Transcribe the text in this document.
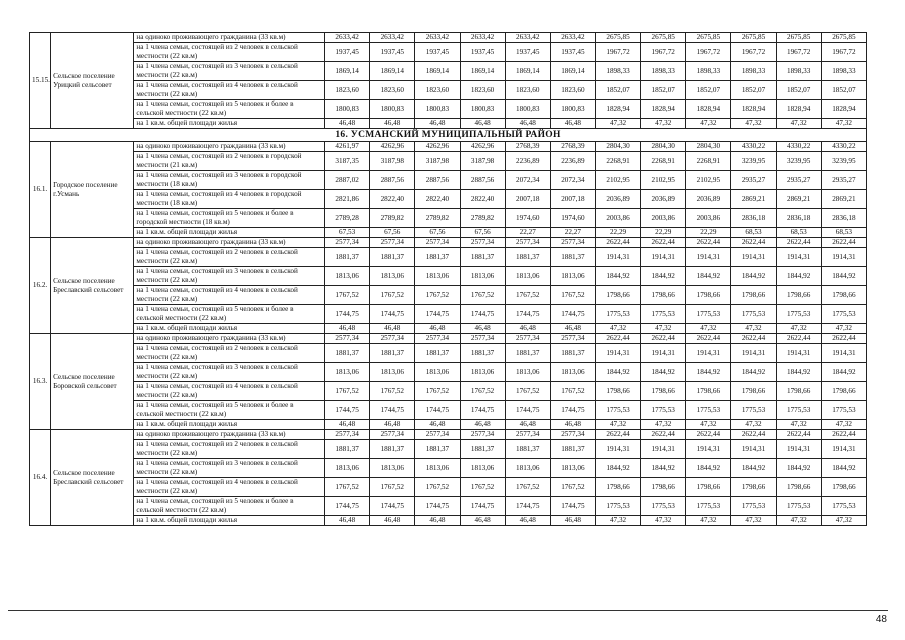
15.15.	Сельское поселение Урицкий сельсовет	на одиноко проживающего гражданина (33 кв.м)	2633,42	2633,42	2633,42	2633,42	2633,42	2633,42	2675,85	2675,85	2675,85	2675,85	2675,85	2675,85
		на 1 члена семьи, состоящей из 2 человек в сельской местности (22 кв.м)	1937,45	1937,45	1937,45	1937,45	1937,45	1937,45	1967,72	1967,72	1967,72	1967,72	1967,72	1967,72
		на 1 члена семьи, состоящей из 3 человек в сельской местности (22 кв.м)	1869,14	1869,14	1869,14	1869,14	1869,14	1869,14	1898,33	1898,33	1898,33	1898,33	1898,33	1898,33
		на 1 члена семьи, состоящей из 4 человек в сельской местности (22 кв.м)	1823,60	1823,60	1823,60	1823,60	1823,60	1823,60	1852,07	1852,07	1852,07	1852,07	1852,07	1852,07
		на 1 члена семьи, состоящей из 5 человек и более в сельской местности (22 кв.м)	1800,83	1800,83	1800,83	1800,83	1800,83	1800,83	1828,94	1828,94	1828,94	1828,94	1828,94	1828,94
		на 1 кв.м. общей площади жилья	46,48	46,48	46,48	46,48	46,48	46,48	47,32	47,32	47,32	47,32	47,32	47,32
16. УСМАНСКИЙ МУНИЦИПАЛЬНЫЙ РАЙОН														
16.1.	Городское поселение г.Усмань	на одиноко проживающего гражданина (33 кв.м)	4261,97	4262,96	4262,96	4262,96	2768,39	2768,39	2804,30	2804,30	2804,30	4330,22	4330,22	4330,22
		на 1 члена семьи, состоящей из 2 человек в городской местности (21 кв.м)	3187,35	3187,98	3187,98	3187,98	2236,89	2236,89	2268,91	2268,91	2268,91	3239,95	3239,95	3239,95
		на 1 члена семьи, состоящей из 3 человек в городской местности (18 кв.м)	2887,02	2887,56	2887,56	2887,56	2072,34	2072,34	2102,95	2102,95	2102,95	2935,27	2935,27	2935,27
		на 1 члена семьи, состоящей из 4 человек в городской местности (18 кв.м)	2821,86	2822,40	2822,40	2822,40	2007,18	2007,18	2036,89	2036,89	2036,89	2869,21	2869,21	2869,21
		на 1 члена семьи, состоящей из 5 человек и более в городской местности (18 кв.м)	2789,28	2789,82	2789,82	2789,82	1974,60	1974,60	2003,86	2003,86	2003,86	2836,18	2836,18	2836,18
		на 1 кв.м. общей площади жилья	67,53	67,56	67,56	67,56	22,27	22,27	22,29	22,29	22,29	68,53	68,53	68,53
16.2.	Сельское поселение Бреславский сельсовет	на одиноко проживающего гражданина (33 кв.м)	2577,34	2577,34	2577,34	2577,34	2577,34	2577,34	2622,44	2622,44	2622,44	2622,44	2622,44	2622,44
		на 1 члена семьи, состоящей из 2 человек в сельской местности (22 кв.м)	1881,37	1881,37	1881,37	1881,37	1881,37	1881,37	1914,31	1914,31	1914,31	1914,31	1914,31	1914,31
		на 1 члена семьи, состоящей из 3 человек в сельской местности (22 кв.м)	1813,06	1813,06	1813,06	1813,06	1813,06	1813,06	1844,92	1844,92	1844,92	1844,92	1844,92	1844,92
		на 1 члена семьи, состоящей из 4 человек в сельской местности (22 кв.м)	1767,52	1767,52	1767,52	1767,52	1767,52	1767,52	1798,66	1798,66	1798,66	1798,66	1798,66	1798,66
		на 1 члена семьи, состоящей из 5 человек и более в сельской местности (22 кв.м)	1744,75	1744,75	1744,75	1744,75	1744,75	1744,75	1775,53	1775,53	1775,53	1775,53	1775,53	1775,53
		на 1 кв.м. общей площади жилья	46,48	46,48	46,48	46,48	46,48	46,48	47,32	47,32	47,32	47,32	47,32	47,32
16.3.	Сельское поселение Боровской сельсовет	на одиноко проживающего гражданина (33 кв.м)	2577,34	2577,34	2577,34	2577,34	2577,34	2577,34	2622,44	2622,44	2622,44	2622,44	2622,44	2622,44
		на 1 члена семьи, состоящей из 2 человек в сельской местности (22 кв.м)	1881,37	1881,37	1881,37	1881,37	1881,37	1881,37	1914,31	1914,31	1914,31	1914,31	1914,31	1914,31
		на 1 члена семьи, состоящей из 3 человек в сельской местности (22 кв.м)	1813,06	1813,06	1813,06	1813,06	1813,06	1813,06	1844,92	1844,92	1844,92	1844,92	1844,92	1844,92
		на 1 члена семьи, состоящей из 4 человек в сельской местности (22 кв.м)	1767,52	1767,52	1767,52	1767,52	1767,52	1767,52	1798,66	1798,66	1798,66	1798,66	1798,66	1798,66
		на 1 члена семьи, состоящей из 5 человек и более в сельской местности (22 кв.м)	1744,75	1744,75	1744,75	1744,75	1744,75	1744,75	1775,53	1775,53	1775,53	1775,53	1775,53	1775,53
		на 1 кв.м. общей площади жилья	46,48	46,48	46,48	46,48	46,48	46,48	47,32	47,32	47,32	47,32	47,32	47,32
16.4.	Сельское поселение Бреславский сельсовет	на одиноко проживающего гражданина (33 кв.м)	2577,34	2577,34	2577,34	2577,34	2577,34	2577,34	2622,44	2622,44	2622,44	2622,44	2622,44	2622,44
		на 1 члена семьи, состоящей из 2 человек в сельской местности (22 кв.м)	1881,37	1881,37	1881,37	1881,37	1881,37	1881,37	1914,31	1914,31	1914,31	1914,31	1914,31	1914,31
		на 1 члена семьи, состоящей из 3 человек в сельской местности (22 кв.м)	1813,06	1813,06	1813,06	1813,06	1813,06	1813,06	1844,92	1844,92	1844,92	1844,92	1844,92	1844,92
		на 1 члена семьи, состоящей из 4 человек в сельской местности (22 кв.м)	1767,52	1767,52	1767,52	1767,52	1767,52	1767,52	1798,66	1798,66	1798,66	1798,66	1798,66	1798,66
		на 1 члена семьи, состоящей из 5 человек и более в сельской местности (22 кв.м)	1744,75	1744,75	1744,75	1744,75	1744,75	1744,75	1775,53	1775,53	1775,53	1775,53	1775,53	1775,53
		на 1 кв.м. общей площади жилья	46,48	46,48	46,48	46,48	46,48	46,48	47,32	47,32	47,32	47,32	47,32	47,32
48
